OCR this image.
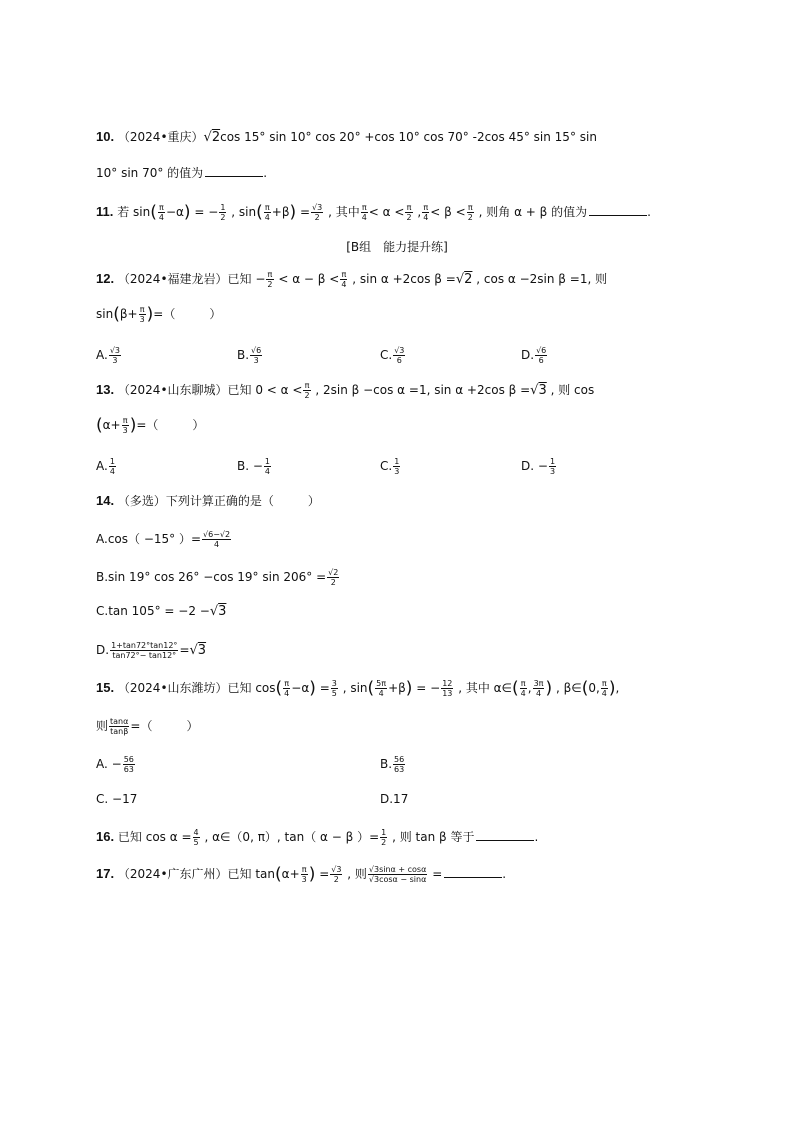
10. （2024•重庆）√2cos 15° sin 10° cos 20° +cos 10° cos 70° -2cos 45° sin 15° sin
10° sin 70° 的值为	.
11. 若 $\sin( \frac{\pi}{4} -\alpha)$ = − $\frac{1}{2}$ , $\sin( \frac{\pi}{4} +\beta) = \frac{√3}{2}$ , 其中 $\frac{\pi}{4} < \alpha < \frac{\pi}{2}$ , $\frac{\pi}{4} < \beta < \frac{\pi}{2}$ , 则角 α + β 的值为	.
[B组　能力提升练]
12. （2024•福建龙岩）已知 − $\frac{\pi}{2} < \alpha - \beta < \frac{\pi}{4}$ , sin α +2cos β =√2 , cos α −2sin β =1, 则
$\sin(\beta+ \frac{\pi}{3}$ )=（	）
A. $\frac{√3}{3}$	B. $\frac{√6}{3}$	C. $\frac{√3}{6}$	D. $\frac{√6}{6}$
13. （2024•山东聊城）已知 $0 < \alpha < \frac{\pi}{2}$ , 2sin β −cos α =1, sin α +2cos β =√3 , 则 cos
($\alpha+ \frac{\pi}{3}$ )=（	）
A. $\frac{1}{4}$	B. − $\frac{1}{4}$	C. $\frac{1}{3}$	D. − $\frac{1}{3}$
14. （多选）下列计算正确的是（	）
A.cos（ −15° ）= $\frac{√6-√2}{4}$
B.sin 19° cos 26° −cos 19° $\sin 206^\circ = \frac{√2}{2}$
C.tan 105° = −2 −√3
D. $\frac{1+\tan 72^\circ\tan 12^\circ}{\tan 72^\circ- \tan 12^\circ} =√3$
15. （2024•山东潍坊）已知 $\cos( \frac{\pi}{4} -\alpha) = \frac{3}{5}$ , $\sin( \frac{5\pi}{4} +\beta)$ = − $\frac{12}{13}$ , 其中 α∈( $\frac{\pi}{4}$ , $\frac{3\pi}{4}$ ) , β∈(0, $\frac{\pi}{4}$ ),
则 $\frac{\tan\alpha}{\tan\beta}$ =（	）
A. − $\frac{56}{63}$	B. $\frac{56}{63}$
C. −17	D.17
16. 已知 $\cos \alpha = \frac{4}{5}$ , α∈（0, π）, tan（ α − β ）= $\frac{1}{2}$ , 则 tan β 等于	.
17. （2024•广东广州）已知 $\tan(\alpha+ \frac{\pi}{3}$ ) = $\frac{√3}{2}$ , 则 $\frac{√3\sin\alpha + \cos\alpha}{√3\cos\alpha - \sin\alpha}$ =	.
